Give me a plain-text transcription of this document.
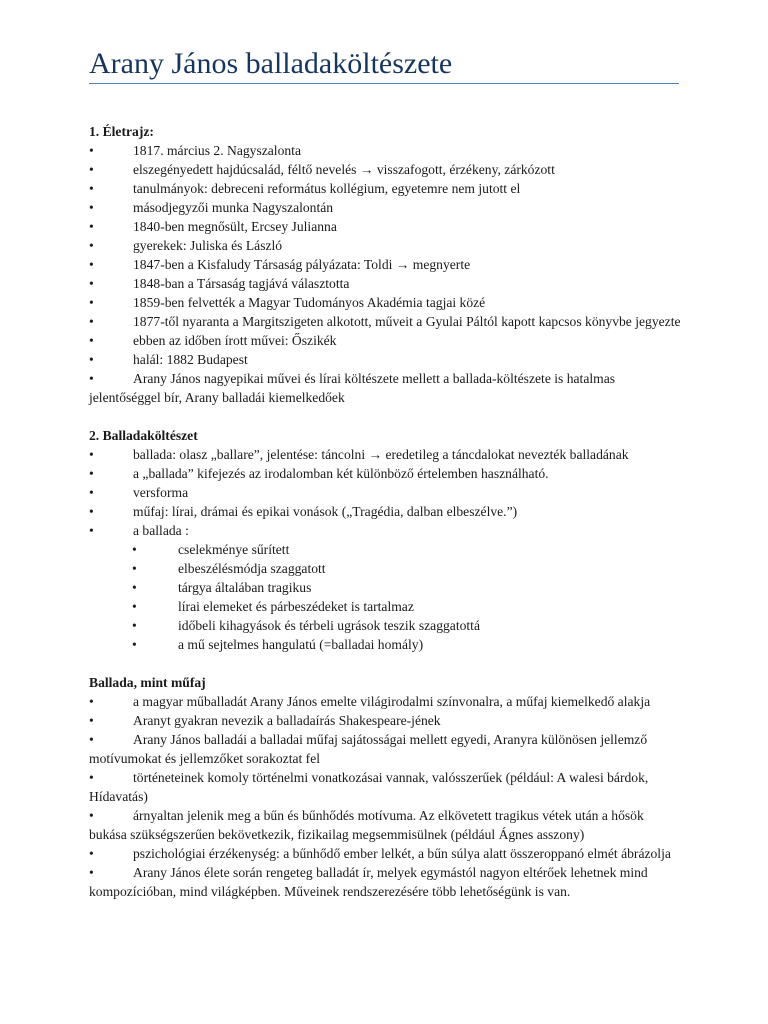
Arany János balladaköltészete
1. Életrajz:
•	1817. március 2. Nagyszalonta
•	elszegényedett hajdúcsalád, féltő nevelés → visszafogott, érzékeny, zárkózott
•	tanulmányok: debreceni református kollégium, egyetemre nem jutott el
•	másodjegyzői munka Nagyszalontán
•	1840-ben megnősült, Ercsey Julianna
•	gyerekek: Juliska és László
•	1847-ben a Kisfaludy Társaság pályázata: Toldi → megnyerte
•	1848-ban a Társaság tagjává választotta
•	1859-ben felvették a Magyar Tudományos Akadémia tagjai közé
•	1877-től nyaranta a Margitszigeten alkotott, műveit a Gyulai Páltól kapott kapcsos könyvbe jegyezte
•	ebben az időben írott művei: Őszikék
•	halál: 1882 Budapest
•	Arany János nagyepikai művei és lírai költészete mellett a ballada-költészete is hatalmas jelentőséggel bír, Arany balladái kiemelkedőek
2. Balladaköltészet
•	ballada: olasz „ballare”, jelentése: táncolni → eredetileg a táncdalokat nevezték balladának
•	a „ballada” kifejezés az irodalomban két különböző értelemben használható.
•	versforma
•	műfaj: lírai, drámai és epikai vonások („Tragédia, dalban elbeszélve.”)
•	a ballada :
•	cselekménye sűrített
•	elbeszélésmódja szaggatott
•	tárgya általában tragikus
•	lírai elemeket és párbeszédeket is tartalmaz
•	időbeli kihagyások és térbeli ugrások teszik szaggatottá
•	a mű sejtelmes hangulatú (=balladai homály)
Ballada, mint műfaj
•	a magyar műballadát Arany János emelte világirodalmi színvonalra, a műfaj kiemelkedő alakja
•	Aranyt gyakran nevezik a balladaírás Shakespeare-jének
•	Arany János balladái a balladai műfaj sajátosságai mellett egyedi, Aranyra különösen jellemző motívumokat és jellemzőket sorakoztat fel
•	történeteinek komoly történelmi vonatkozásai vannak, valósszerűek (például: A walesi bárdok, Hídavatás)
•	árnyaltan jelenik meg a bűn és bűnhődés motívuma. Az elkövetett tragikus vétek után a hősök bukása szükségszerűen bekövetkezik, fizikailag megsemmisülnek (például Ágnes asszony)
•	pszichológiai érzékenység: a bűnhődő ember lelkét, a bűn súlya alatt összeroppanó elmét ábrázolja
•	Arany János élete során rengeteg balladát ír, melyek egymástól nagyon eltérőek lehetnek mind kompozícióban, mind világképben. Műveinek rendszerezésére több lehetőségünk is van.
